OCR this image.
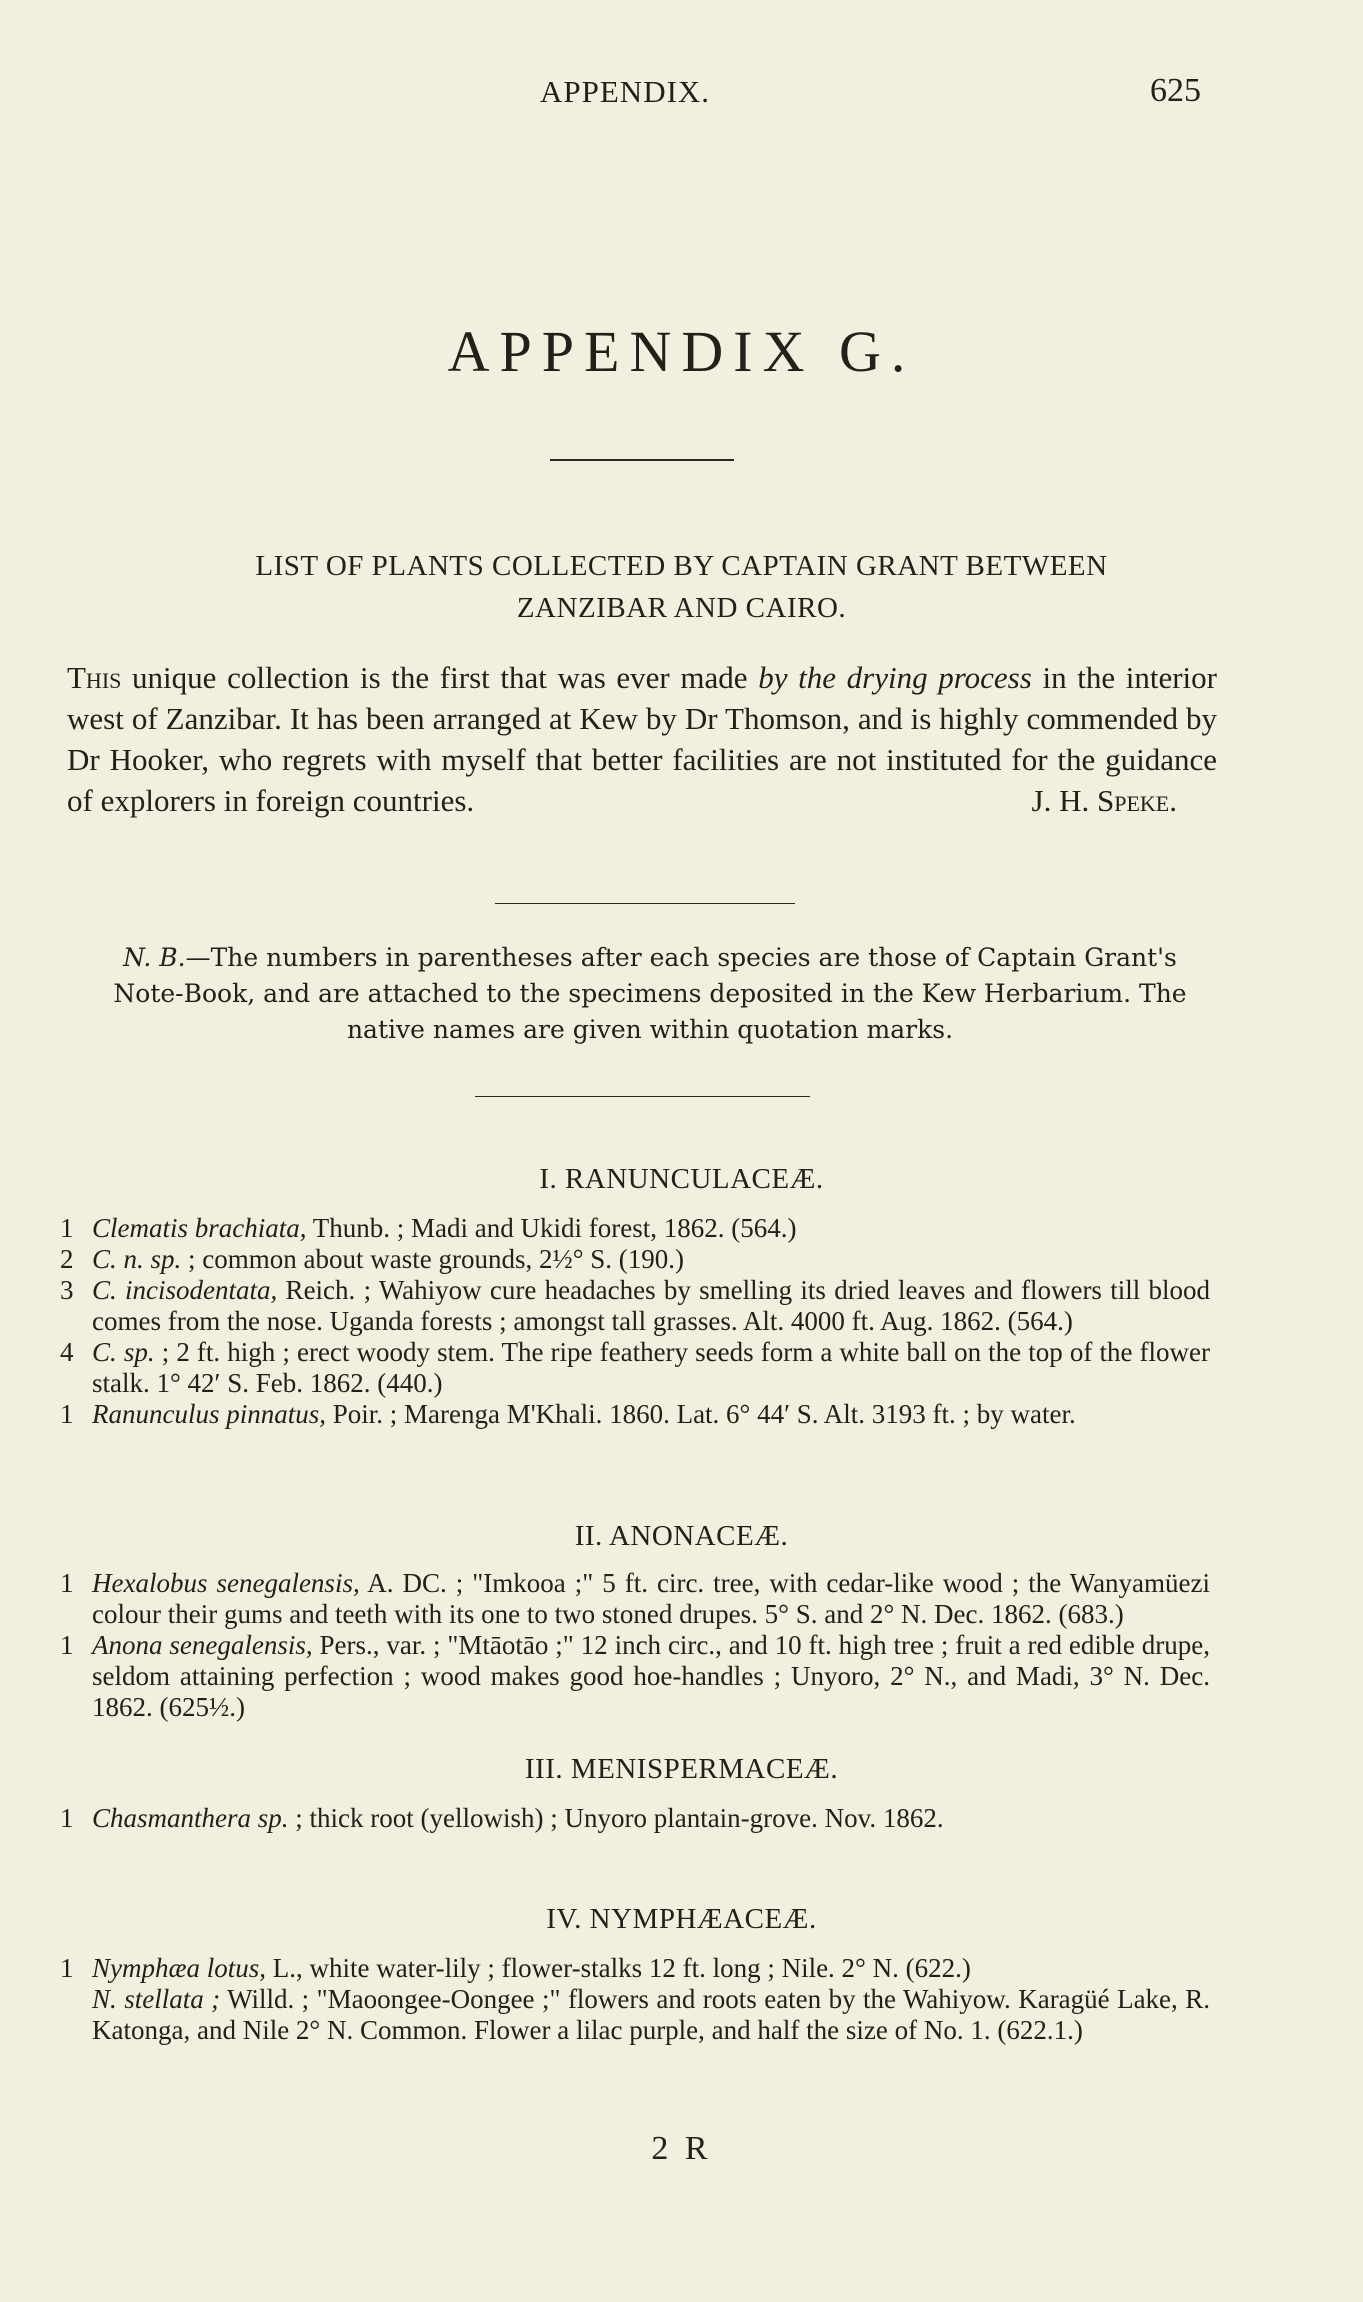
APPENDIX.	625
APPENDIX G.
LIST OF PLANTS COLLECTED BY CAPTAIN GRANT BETWEEN
ZANZIBAR AND CAIRO.
This unique collection is the first that was ever made by the drying process in the interior west of Zanzibar. It has been arranged at Kew by Dr Thomson, and is highly commended by Dr Hooker, who regrets with myself that better facilities are not instituted for the guidance of explorers in foreign countries.	J. H. Speke.
N. B.—The numbers in parentheses after each species are those of Captain Grant's Note-Book, and are attached to the specimens deposited in the Kew Herbarium. The native names are given within quotation marks.
I. RANUNCULACEÆ.

1 Clematis brachiata, Thunb. ; Madi and Ukidi forest, 1862. (564.)

2 C. n. sp. ; common about waste grounds, 2½° S. (190.)

3 C. incisodentata, Reich. ; Wahiyow cure headaches by smelling its dried leaves and flowers till blood comes from the nose. Uganda forests ; amongst tall grasses. Alt. 4000 ft. Aug. 1862. (564.)

4 C. sp. ; 2 ft. high ; erect woody stem. The ripe feathery seeds form a white ball on the top of the flower stalk. 1° 42′ S. Feb. 1862. (440.)

1 Ranunculus pinnatus, Poir. ; Marenga M'Khali. 1860. Lat. 6° 44′ S. Alt. 3193 ft. ; by water.

II. ANONACEÆ.

1 Hexalobus senegalensis, A. DC. ; "Imkooa ;" 5 ft. circ. tree, with cedar-like wood ; the Wanyamüezi colour their gums and teeth with its one to two stoned drupes. 5° S. and 2° N. Dec. 1862. (683.)

1 Anona senegalensis, Pers., var. ; "Mtāotāo ;" 12 inch circ., and 10 ft. high tree ; fruit a red edible drupe, seldom attaining perfection ; wood makes good hoe-handles ; Unyoro, 2° N., and Madi, 3° N. Dec. 1862. (625½.)

III. MENISPERMACEÆ.

1 Chasmanthera sp. ; thick root (yellowish) ; Unyoro plantain-grove. Nov. 1862.

IV. NYMPHÆACEÆ.

1 Nymphæa lotus, L., white water-lily ; flower-stalks 12 ft. long ; Nile. 2° N. (622.)

N. stellata ; Willd. ; "Maoongee-Oongee ;" flowers and roots eaten by the Wahiyow. Karagüé Lake, R. Katonga, and Nile 2° N. Common. Flower a lilac purple, and half the size of No. 1. (622.1.)

2 R
